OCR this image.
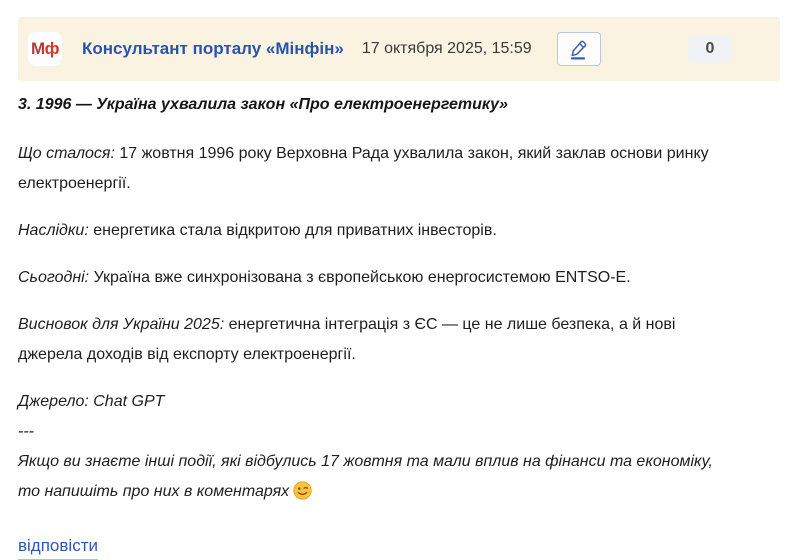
М ф Консультант порталу «Мінфін» 17 октября 2025, 15:59	0

3. 1996 — Україна ухвалила закон «Про електроенергетику»

Що сталося: 17 жовтня 1996 року Верховна Рада ухвалила закон, який заклав основи ринку електроенергії.

Наслідки: енергетика стала відкритою для приватних інвесторів.

Сьогодні: Україна вже синхронізована з європейською енергосистемою ENTSO-E.

Висновок для України 2025: енергетична інтеграція з ЄС — це не лише безпека, а й нові джерела доходів від експорту електроенергії.

Джерело: Chat GPT
---
Якщо ви знаєте інші події, які відбулись 17 жовтня та мали вплив на фінанси та економіку, то напишіть про них в коментарях

відповісти
